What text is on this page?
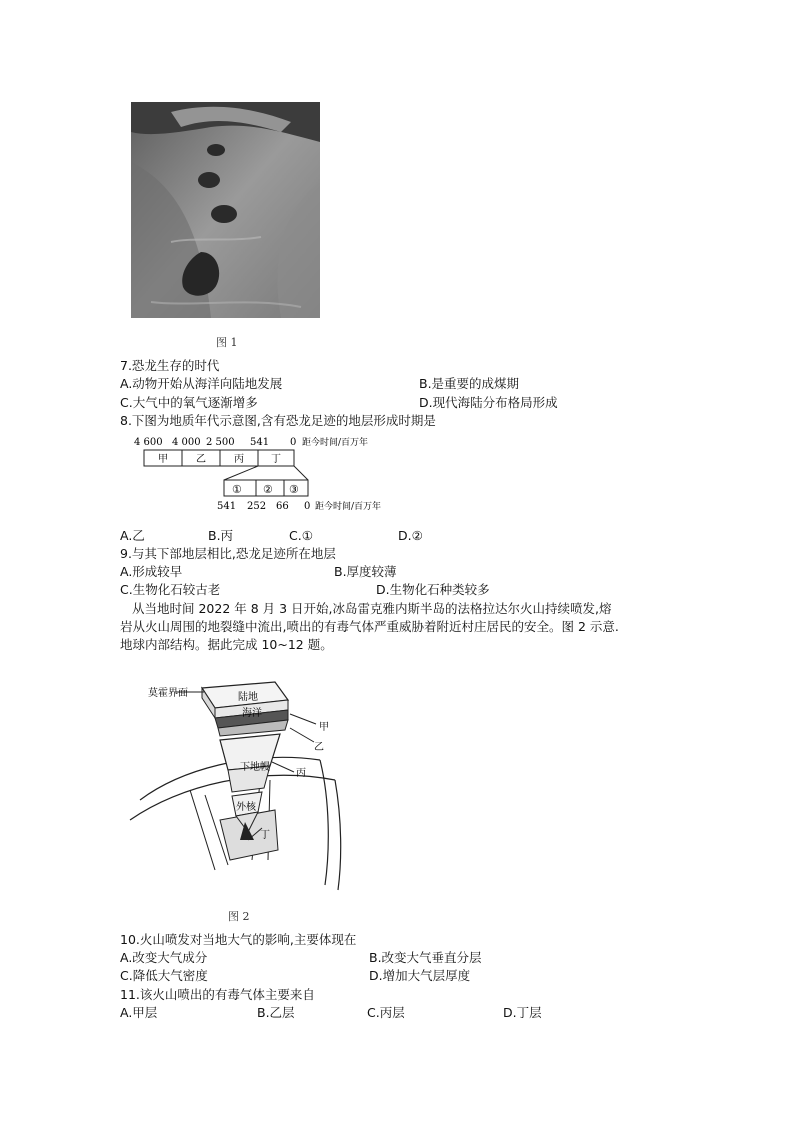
图 1
7.恐龙生存的时代
A.动物开始从海洋向陆地发展	B.是重要的成煤期
C.大气中的氧气逐渐增多	D.现代海陆分布格局形成
8.下图为地质年代示意图,含有恐龙足迹的地层形成时期是
4 600 4 000 2 500 541 0 距今时间/百万年
甲	乙	丙	丁
① ② ③
541 252 66 0 距今时间/百万年
A.乙	B.丙	C.①	D.②
9.与其下部地层相比,恐龙足迹所在地层
A.形成较早	B.厚度较薄
C.生物化石较古老	D.生物化石种类较多
从当地时间 2022 年 8 月 3 日开始,冰岛雷克雅内斯半岛的法格拉达尔火山持续喷发,熔
岩从火山周围的地裂缝中流出,喷出的有毒气体严重威胁着附近村庄居民的安全。图 2 示意.
地球内部结构。据此完成 10~12 题。
莫霍界面	陆地
海洋
甲
乙
下地幔
丙
外核
丁
图 2
10.火山喷发对当地大气的影响,主要体现在
A.改变大气成分	B.改变大气垂直分层
C.降低大气密度	D.增加大气层厚度
11.该火山喷出的有毒气体主要来自
A.甲层	B.乙层	C.丙层	D.丁层
